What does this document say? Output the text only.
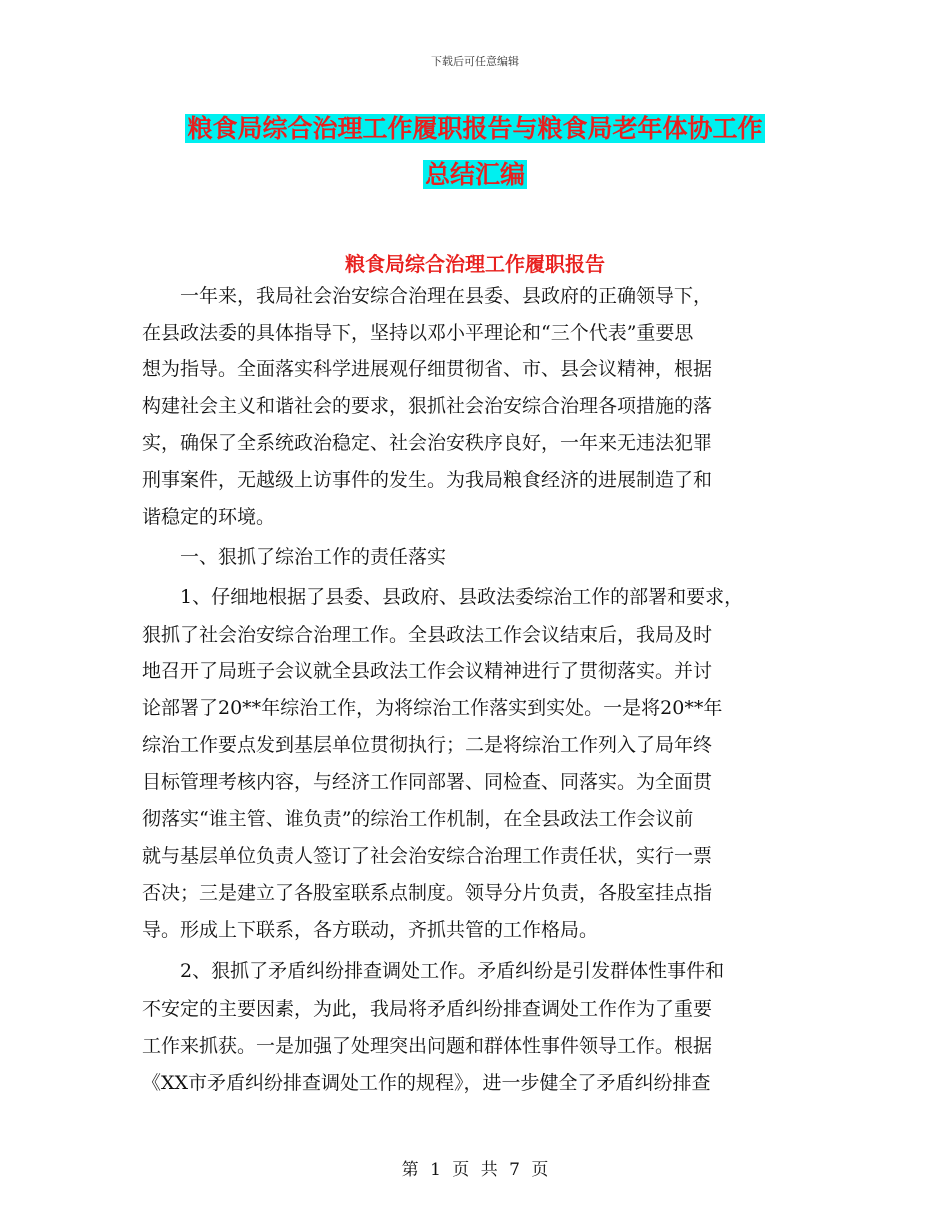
下载后可任意编辑
粮食局综合治理工作履职报告与粮食局老年体协工作
总结汇编
粮食局综合治理工作履职报告
　　一年来，我局社会治安综合治理在县委、县政府的正确领导下，
在县政法委的具体指导下，坚持以邓小平理论和“三个代表”重要思
想为指导。全面落实科学进展观仔细贯彻省、市、县会议精神，根据
构建社会主义和谐社会的要求，狠抓社会治安综合治理各项措施的落
实，确保了全系统政治稳定、社会治安秩序良好，一年来无违法犯罪
刑事案件，无越级上访事件的发生。为我局粮食经济的进展制造了和
谐稳定的环境。
　　一、狠抓了综治工作的责任落实
　　1、仔细地根据了县委、县政府、县政法委综治工作的部署和要求，
狠抓了社会治安综合治理工作。全县政法工作会议结束后，我局及时
地召开了局班子会议就全县政法工作会议精神进行了贯彻落实。并讨
论部署了20**年综治工作，为将综治工作落实到实处。一是将20**年
综治工作要点发到基层单位贯彻执行；二是将综治工作列入了局年终
目标管理考核内容，与经济工作同部署、同检查、同落实。为全面贯
彻落实“谁主管、谁负责”的综治工作机制，在全县政法工作会议前
就与基层单位负责人签订了社会治安综合治理工作责任状，实行一票
否决；三是建立了各股室联系点制度。领导分片负责，各股室挂点指
导。形成上下联系，各方联动，齐抓共管的工作格局。
　　2、狠抓了矛盾纠纷排查调处工作。矛盾纠纷是引发群体性事件和
不安定的主要因素，为此，我局将矛盾纠纷排查调处工作作为了重要
工作来抓获。一是加强了处理突出问题和群体性事件领导工作。根据
《XX市矛盾纠纷排查调处工作的规程》，进一步健全了矛盾纠纷排查
第 1 页 共 7 页
